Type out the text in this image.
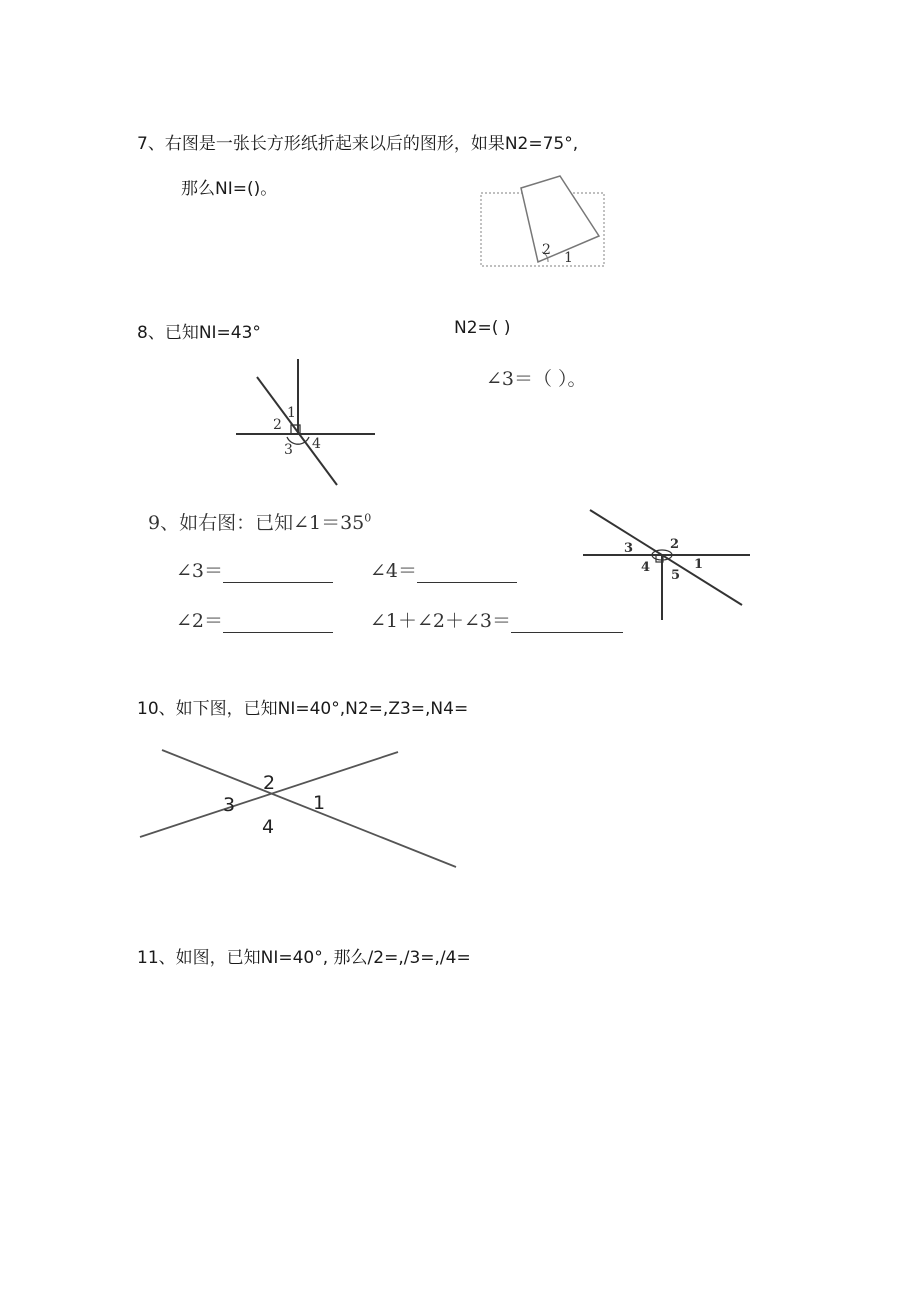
7、右图是一张长方形纸折起来以后的图形，如果N2=75°,
那么NI=()。
2 1
8、已知NI=43°	N2=( )
∠3＝（ ）。
1
2
3 4
9、如右图：已知$\angle 1=35^0$
∠3＝	∠4＝
∠2＝	∠1＋∠2＋∠3＝
3	2
4
5
1
10、如下图，已知NI=40°,N2=,Z3=,N4=
2
3	1
4
11、如图，已知NI=40°, 那么/2=,/3=,/4=
